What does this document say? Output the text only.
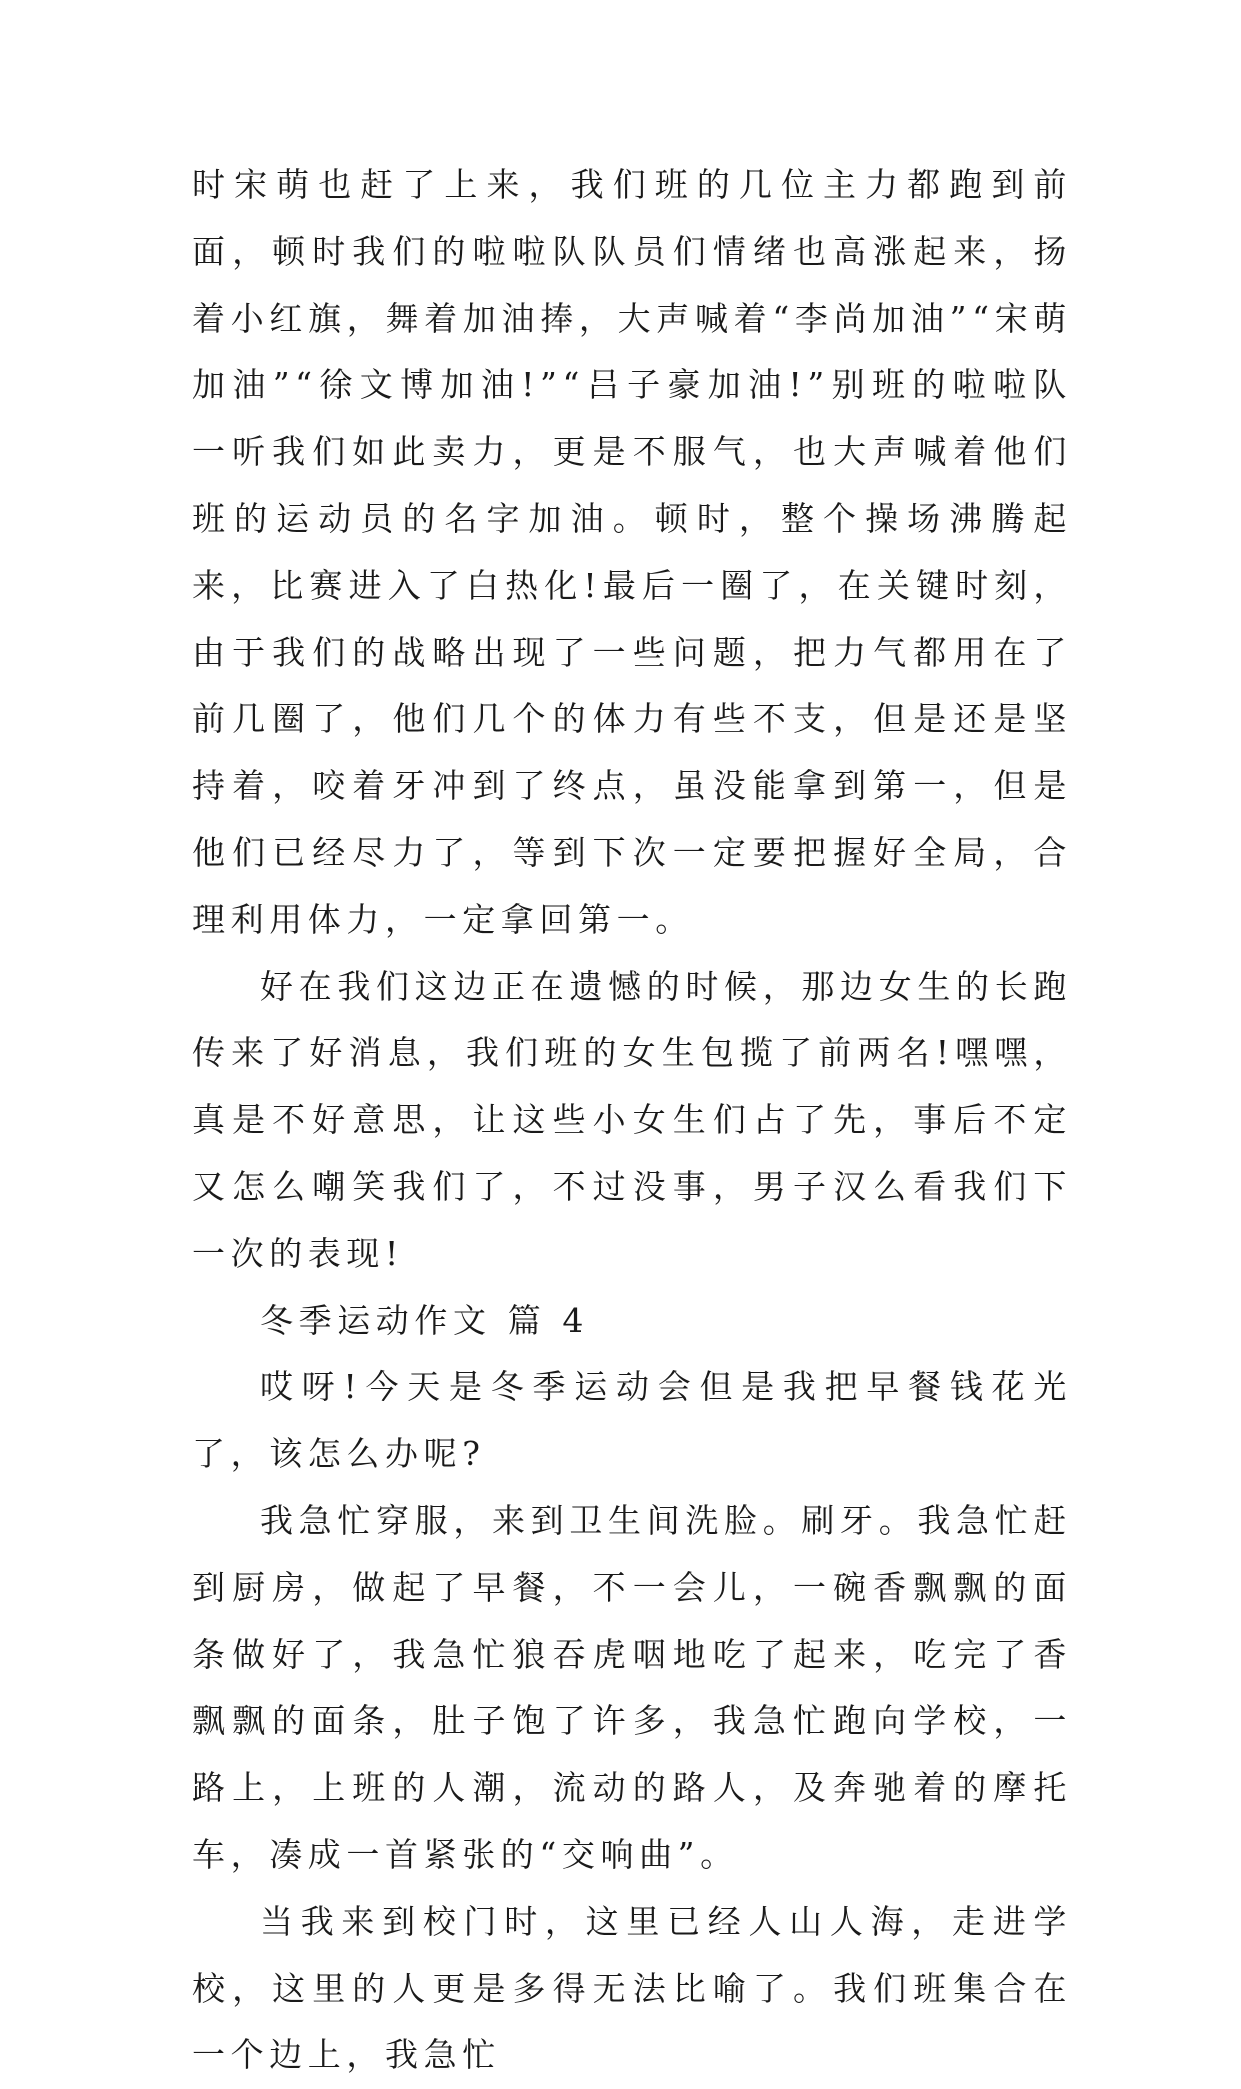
时宋萌也赶了上来，我们班的几位主力都跑到前面，顿时我们的啦啦队队员们情绪也高涨起来，扬着小红旗，舞着加油捧，大声喊着“李尚加油”“宋萌加油”“徐文博加油!”“吕子豪加油!”别班的啦啦队一听我们如此卖力，更是不服气，也大声喊着他们班的运动员的名字加油。顿时，整个操场沸腾起来，比赛进入了白热化!最后一圈了，在关键时刻，由于我们的战略出现了一些问题，把力气都用在了前几圈了，他们几个的体力有些不支，但是还是坚持着，咬着牙冲到了终点，虽没能拿到第一，但是他们已经尽力了，等到下次一定要把握好全局，合理利用体力，一定拿回第一。

好在我们这边正在遗憾的时候，那边女生的长跑传来了好消息，我们班的女生包揽了前两名!嘿嘿，真是不好意思，让这些小女生们占了先，事后不定又怎么嘲笑我们了，不过没事，男子汉么看我们下一次的表现!

冬季运动作文 篇 4

哎呀!今天是冬季运动会但是我把早餐钱花光了，该怎么办呢?

我急忙穿服，来到卫生间洗脸。刷牙。我急忙赶到厨房，做起了早餐，不一会儿，一碗香飘飘的面条做好了，我急忙狼吞虎咽地吃了起来，吃完了香飘飘的面条，肚子饱了许多，我急忙跑向学校，一路上，上班的人潮，流动的路人，及奔驰着的摩托车，凑成一首紧张的“交响曲”。

当我来到校门时，这里已经人山人海，走进学校，这里的人更是多得无法比喻了。我们班集合在一个边上，我急忙
